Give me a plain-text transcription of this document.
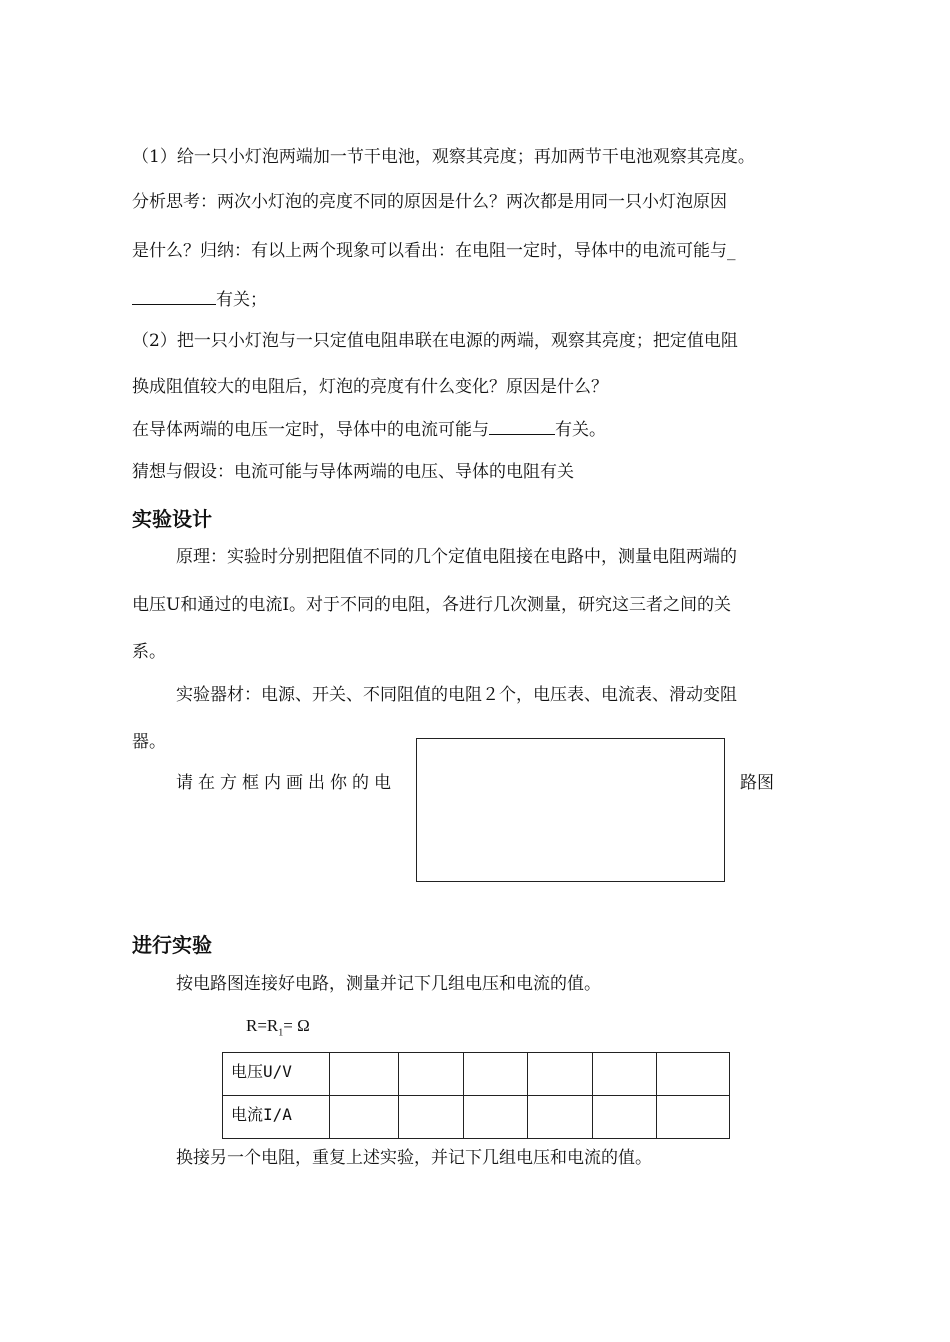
（1）给一只小灯泡两端加一节干电池，观察其亮度；再加两节干电池观察其亮度。
分析思考：两次小灯泡的亮度不同的原因是什么？两次都是用同一只小灯泡原因
是什么？归纳：有以上两个现象可以看出：在电阻一定时，导体中的电流可能与_
有关；
（2）把一只小灯泡与一只定值电阻串联在电源的两端，观察其亮度；把定值电阻
换成阻值较大的电阻后，灯泡的亮度有什么变化？原因是什么？
在导体两端的电压一定时，导体中的电流可能与	有关。
猜想与假设：电流可能与导体两端的电压、导体的电阻有关
实验设计
原理：实验时分别把阻值不同的几个定值电阻接在电路中，测量电阻两端的
电压U和通过的电流I。对于不同的电阻，各进行几次测量，研究这三者之间的关
系。
实验器材：电源、开关、不同阻值的电阻２个，电压表、电流表、滑动变阻
器。
请在方框内画出你的电	路图
进行实验
按电路图连接好电路，测量并记下几组电压和电流的值。
$R=R_1= \Omega$
电压U/V						
电流I/A						
换接另一个电阻，重复上述实验，并记下几组电压和电流的值。
